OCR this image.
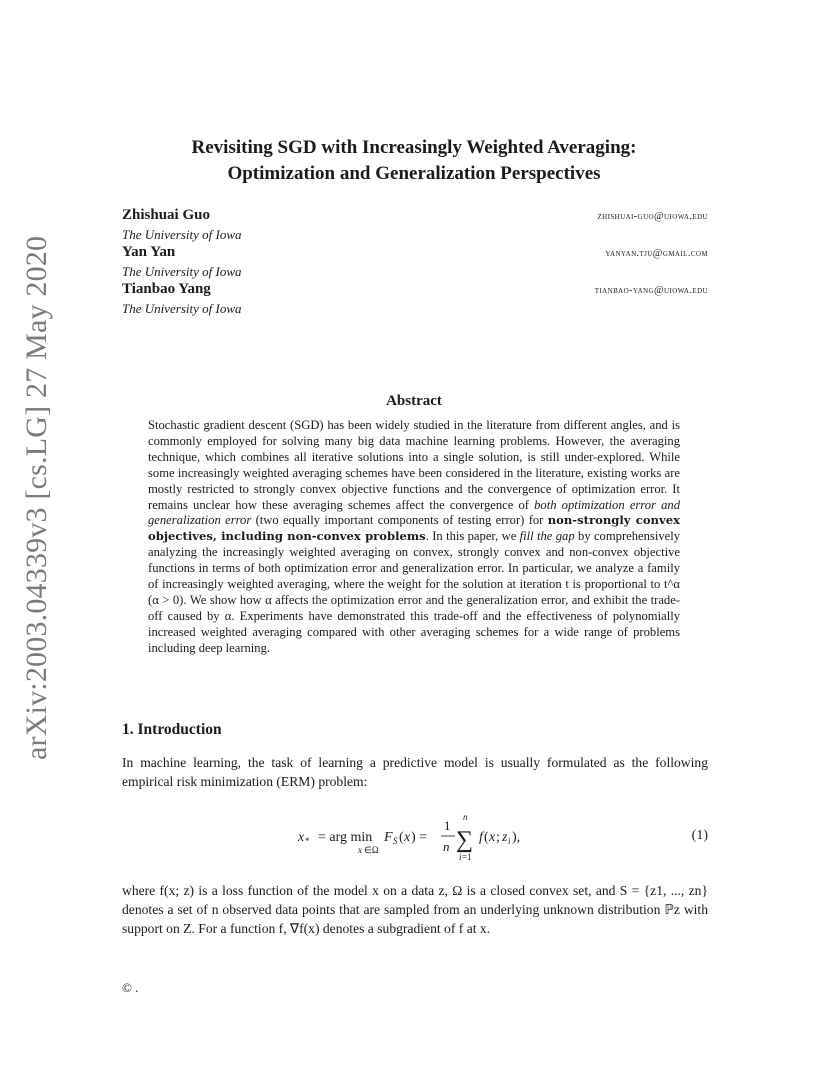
arXiv:2003.04339v3 [cs.LG] 27 May 2020
Revisiting SGD with Increasingly Weighted Averaging:
Optimization and Generalization Perspectives
Zhishuai Guo	zhishuai-guo@uiowa.edu
The University of Iowa
Yan Yan	yanyan.tju@gmail.com
The University of Iowa
Tianbao Yang	tianbao-yang@uiowa.edu
The University of Iowa
Abstract
Stochastic gradient descent (SGD) has been widely studied in the literature from different angles, and is commonly employed for solving many big data machine learning problems. However, the averaging technique, which combines all iterative solutions into a single solution, is still under-explored. While some increasingly weighted averaging schemes have been considered in the literature, existing works are mostly restricted to strongly convex objective functions and the convergence of optimization error. It remains unclear how these averaging schemes affect the convergence of both optimization error and generalization error (two equally important components of testing error) for non-strongly convex objectives, including non-convex problems. In this paper, we fill the gap by comprehensively analyzing the increasingly weighted averaging on convex, strongly convex and non-convex objective functions in terms of both optimization error and generalization error. In particular, we analyze a family of increasingly weighted averaging, where the weight for the solution at iteration t is proportional to t^α (α > 0). We show how α affects the optimization error and the generalization error, and exhibit the trade-off caused by α. Experiments have demonstrated this trade-off and the effectiveness of polynomially increased weighted averaging compared with other averaging schemes for a wide range of problems including deep learning.
1. Introduction
In machine learning, the task of learning a predictive model is usually formulated as the following empirical risk minimization (ERM) problem:
x * = arg min
x ∈Ω
F S ( x ) =
1
n
n
∑
i =1
f ( x ; z i ),	(1)
where f(x; z) is a loss function of the model x on a data z, Ω is a closed convex set, and S = {z1, ..., zn} denotes a set of n observed data points that are sampled from an underlying unknown distribution ℙz with support on Z. For a function f, ∇f(x) denotes a subgradient of f at x.
© .
